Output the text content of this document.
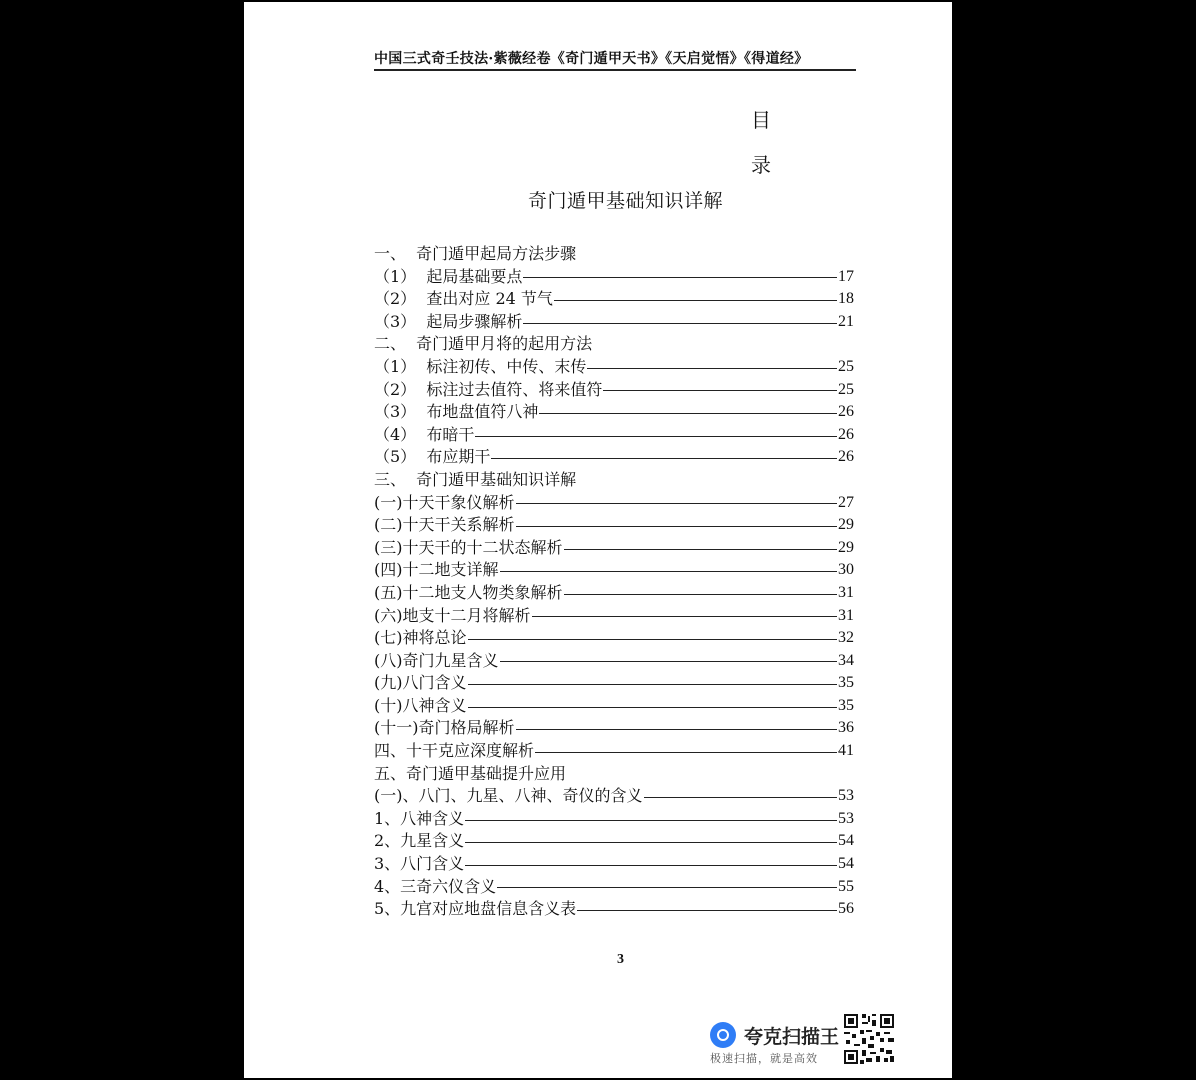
中国三式奇壬技法·紫薇经卷《奇门遁甲天书》《天启觉悟》《得道经》
目
录
奇门遁甲基础知识详解
一、  奇门遁甲起局方法步骤
（1）  起局基础要点	17
（2）  查出对应 24 节气	18
（3）  起局步骤解析	21
二、  奇门遁甲月将的起用方法
（1）  标注初传、中传、末传	25
（2）  标注过去值符、将来值符	25
（3）  布地盘值符八神	26
（4）  布暗干	26
（5）  布应期干	26
三、  奇门遁甲基础知识详解
(一)十天干象仪解析	27
(二)十天干关系解析	29
(三)十天干的十二状态解析	29
(四)十二地支详解	30
(五)十二地支人物类象解析	31
(六)地支十二月将解析	31
(七)神将总论	32
(八)奇门九星含义	34
(九)八门含义	35
(十)八神含义	35
(十一)奇门格局解析	36
四、十干克应深度解析	41
五、奇门遁甲基础提升应用
(一)、八门、九星、八神、奇仪的含义	53
1、八神含义	53
2、九星含义	54
3、八门含义	54
4、三奇六仪含义	55
5、九宫对应地盘信息含义表	56
3
夸克扫描王
极速扫描，就是高效
